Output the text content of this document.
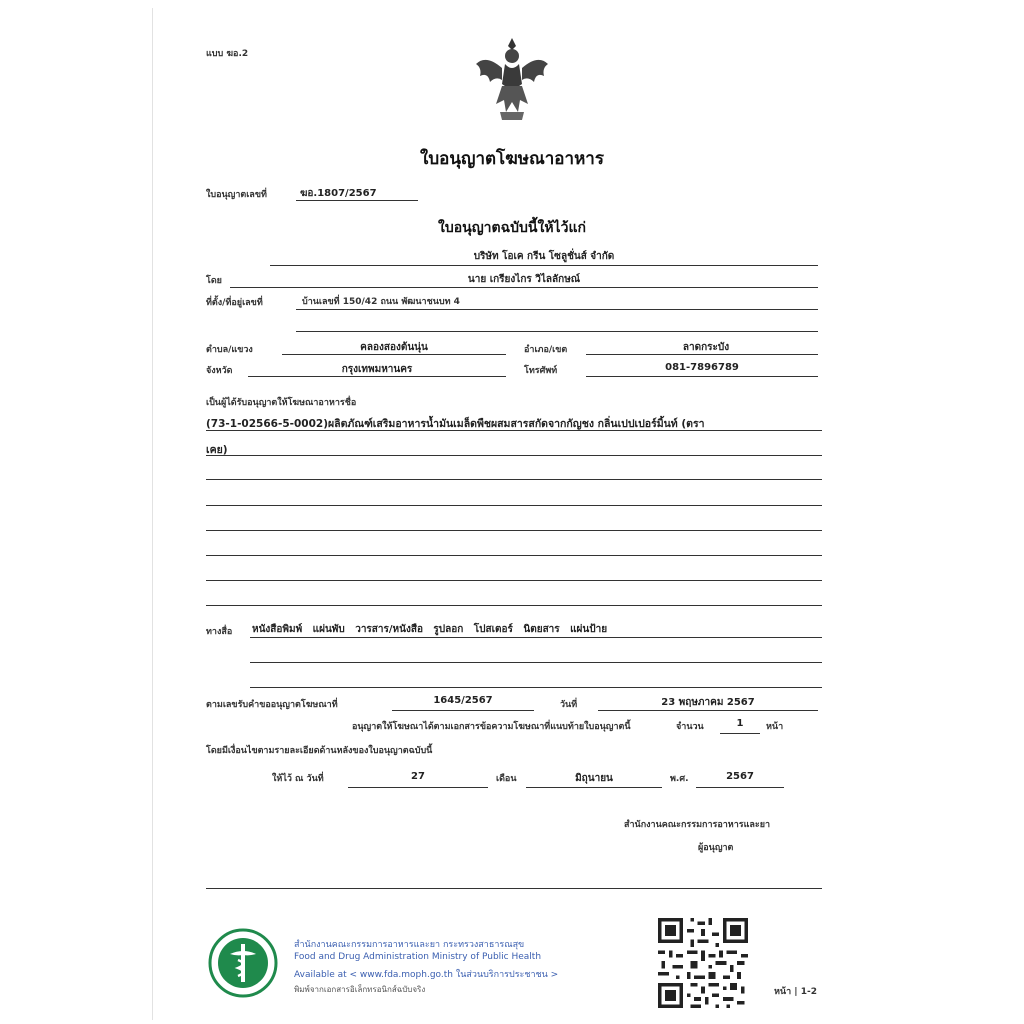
แบบ ฆอ.2
ใบอนุญาตโฆษณาอาหาร
ใบอนุญาตเลขที่	ฆอ.1807/2567
ใบอนุญาตฉบับนี้ให้ไว้แก่
บริษัท โอเค กรีน โซลูชั่นส์ จำกัด
โดย	นาย เกรียงไกร วิไลลักษณ์
ที่ตั้ง/ที่อยู่เลขที่	บ้านเลขที่ 150/42 ถนน พัฒนาชนบท 4
ตำบล/แขวง	คลองสองต้นนุ่น	อำเภอ/เขต	ลาดกระบัง
จังหวัด	กรุงเทพมหานคร	โทรศัพท์	081-7896789
เป็นผู้ได้รับอนุญาตให้โฆษณาอาหารชื่อ
(73-1-02566-5-0002)ผลิตภัณฑ์เสริมอาหารน้ำมันเมล็ดพืชผสมสารสกัดจากกัญชง กลิ่นเปปเปอร์มิ้นท์ (ตรา
เคย)
ทางสื่อ หนังสือพิมพ์ แผ่นพับ วารสาร/หนังสือ รูปลอก โปสเตอร์ นิตยสาร แผ่นป้าย
ตามเลขรับคำขออนุญาตโฆษณาที่	1645/2567	วันที่	23 พฤษภาคม 2567
อนุญาตให้โฆษณาได้ตามเอกสารข้อความโฆษณาที่แนบท้ายใบอนุญาตนี้	จำนวน	1	หน้า
โดยมีเงื่อนไขตามรายละเอียดด้านหลังของใบอนุญาตฉบับนี้
ให้ไว้ ณ วันที่	27	เดือน	มิถุนายน	พ.ศ.	2567
สำนักงานคณะกรรมการอาหารและยา
ผู้อนุญาต
สำนักงานคณะกรรมการอาหารและยา กระทรวงสาธารณสุข
Food and Drug Administration Ministry of Public Health
Available at < www.fda.moph.go.th ในส่วนบริการประชาชน >
พิมพ์จากเอกสารอิเล็กทรอนิกส์ฉบับจริง	หน้า | 1-2
